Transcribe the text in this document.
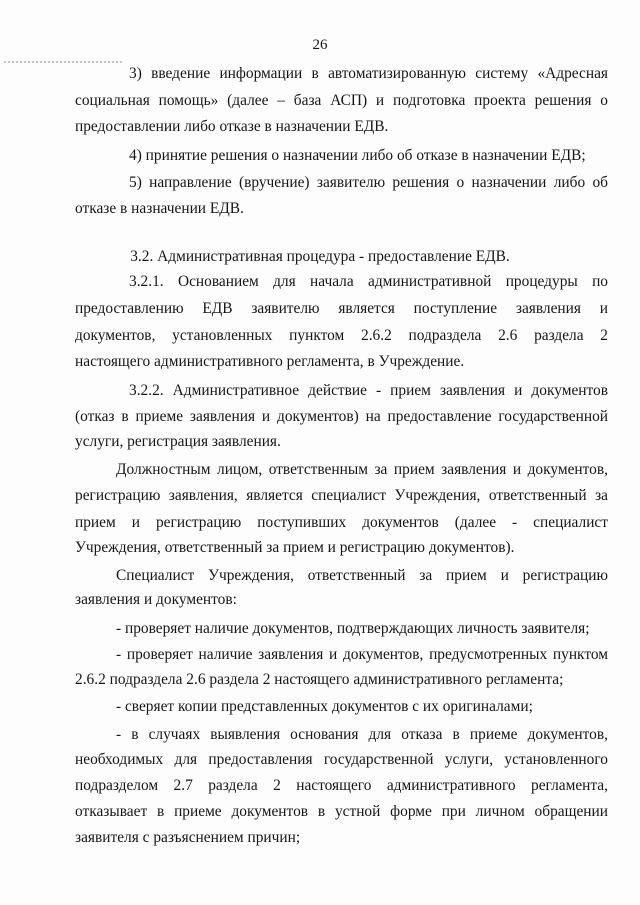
26
3) введение информации в автоматизированную систему «Адресная
социальная помощь» (далее – база АСП) и подготовка проекта решения о
предоставлении либо отказе в назначении ЕДВ.
4) принятие решения о назначении либо об отказе в назначении ЕДВ;
5) направление (вручение) заявителю решения о назначении либо об
отказе в назначении ЕДВ.
3.2. Административная процедура - предоставление ЕДВ.
3.2.1. Основанием для начала административной процедуры по
предоставлению ЕДВ заявителю является поступление заявления и
документов, установленных пунктом 2.6.2 подраздела 2.6 раздела 2
настоящего административного регламента, в Учреждение.
3.2.2. Административное действие - прием заявления и документов
(отказ в приеме заявления и документов) на предоставление государственной
услуги, регистрация заявления.
Должностным лицом, ответственным за прием заявления и документов,
регистрацию заявления, является специалист Учреждения, ответственный за
прием и регистрацию поступивших документов (далее - специалист
Учреждения, ответственный за прием и регистрацию документов).
Специалист Учреждения, ответственный за прием и регистрацию
заявления и документов:
- проверяет наличие документов, подтверждающих личность заявителя;
- проверяет наличие заявления и документов, предусмотренных пунктом
2.6.2 подраздела 2.6 раздела 2 настоящего административного регламента;
- сверяет копии представленных документов с их оригиналами;
- в случаях выявления основания для отказа в приеме документов,
необходимых для предоставления государственной услуги, установленного
подразделом 2.7 раздела 2 настоящего административного регламента,
отказывает в приеме документов в устной форме при личном обращении
заявителя с разъяснением причин;
